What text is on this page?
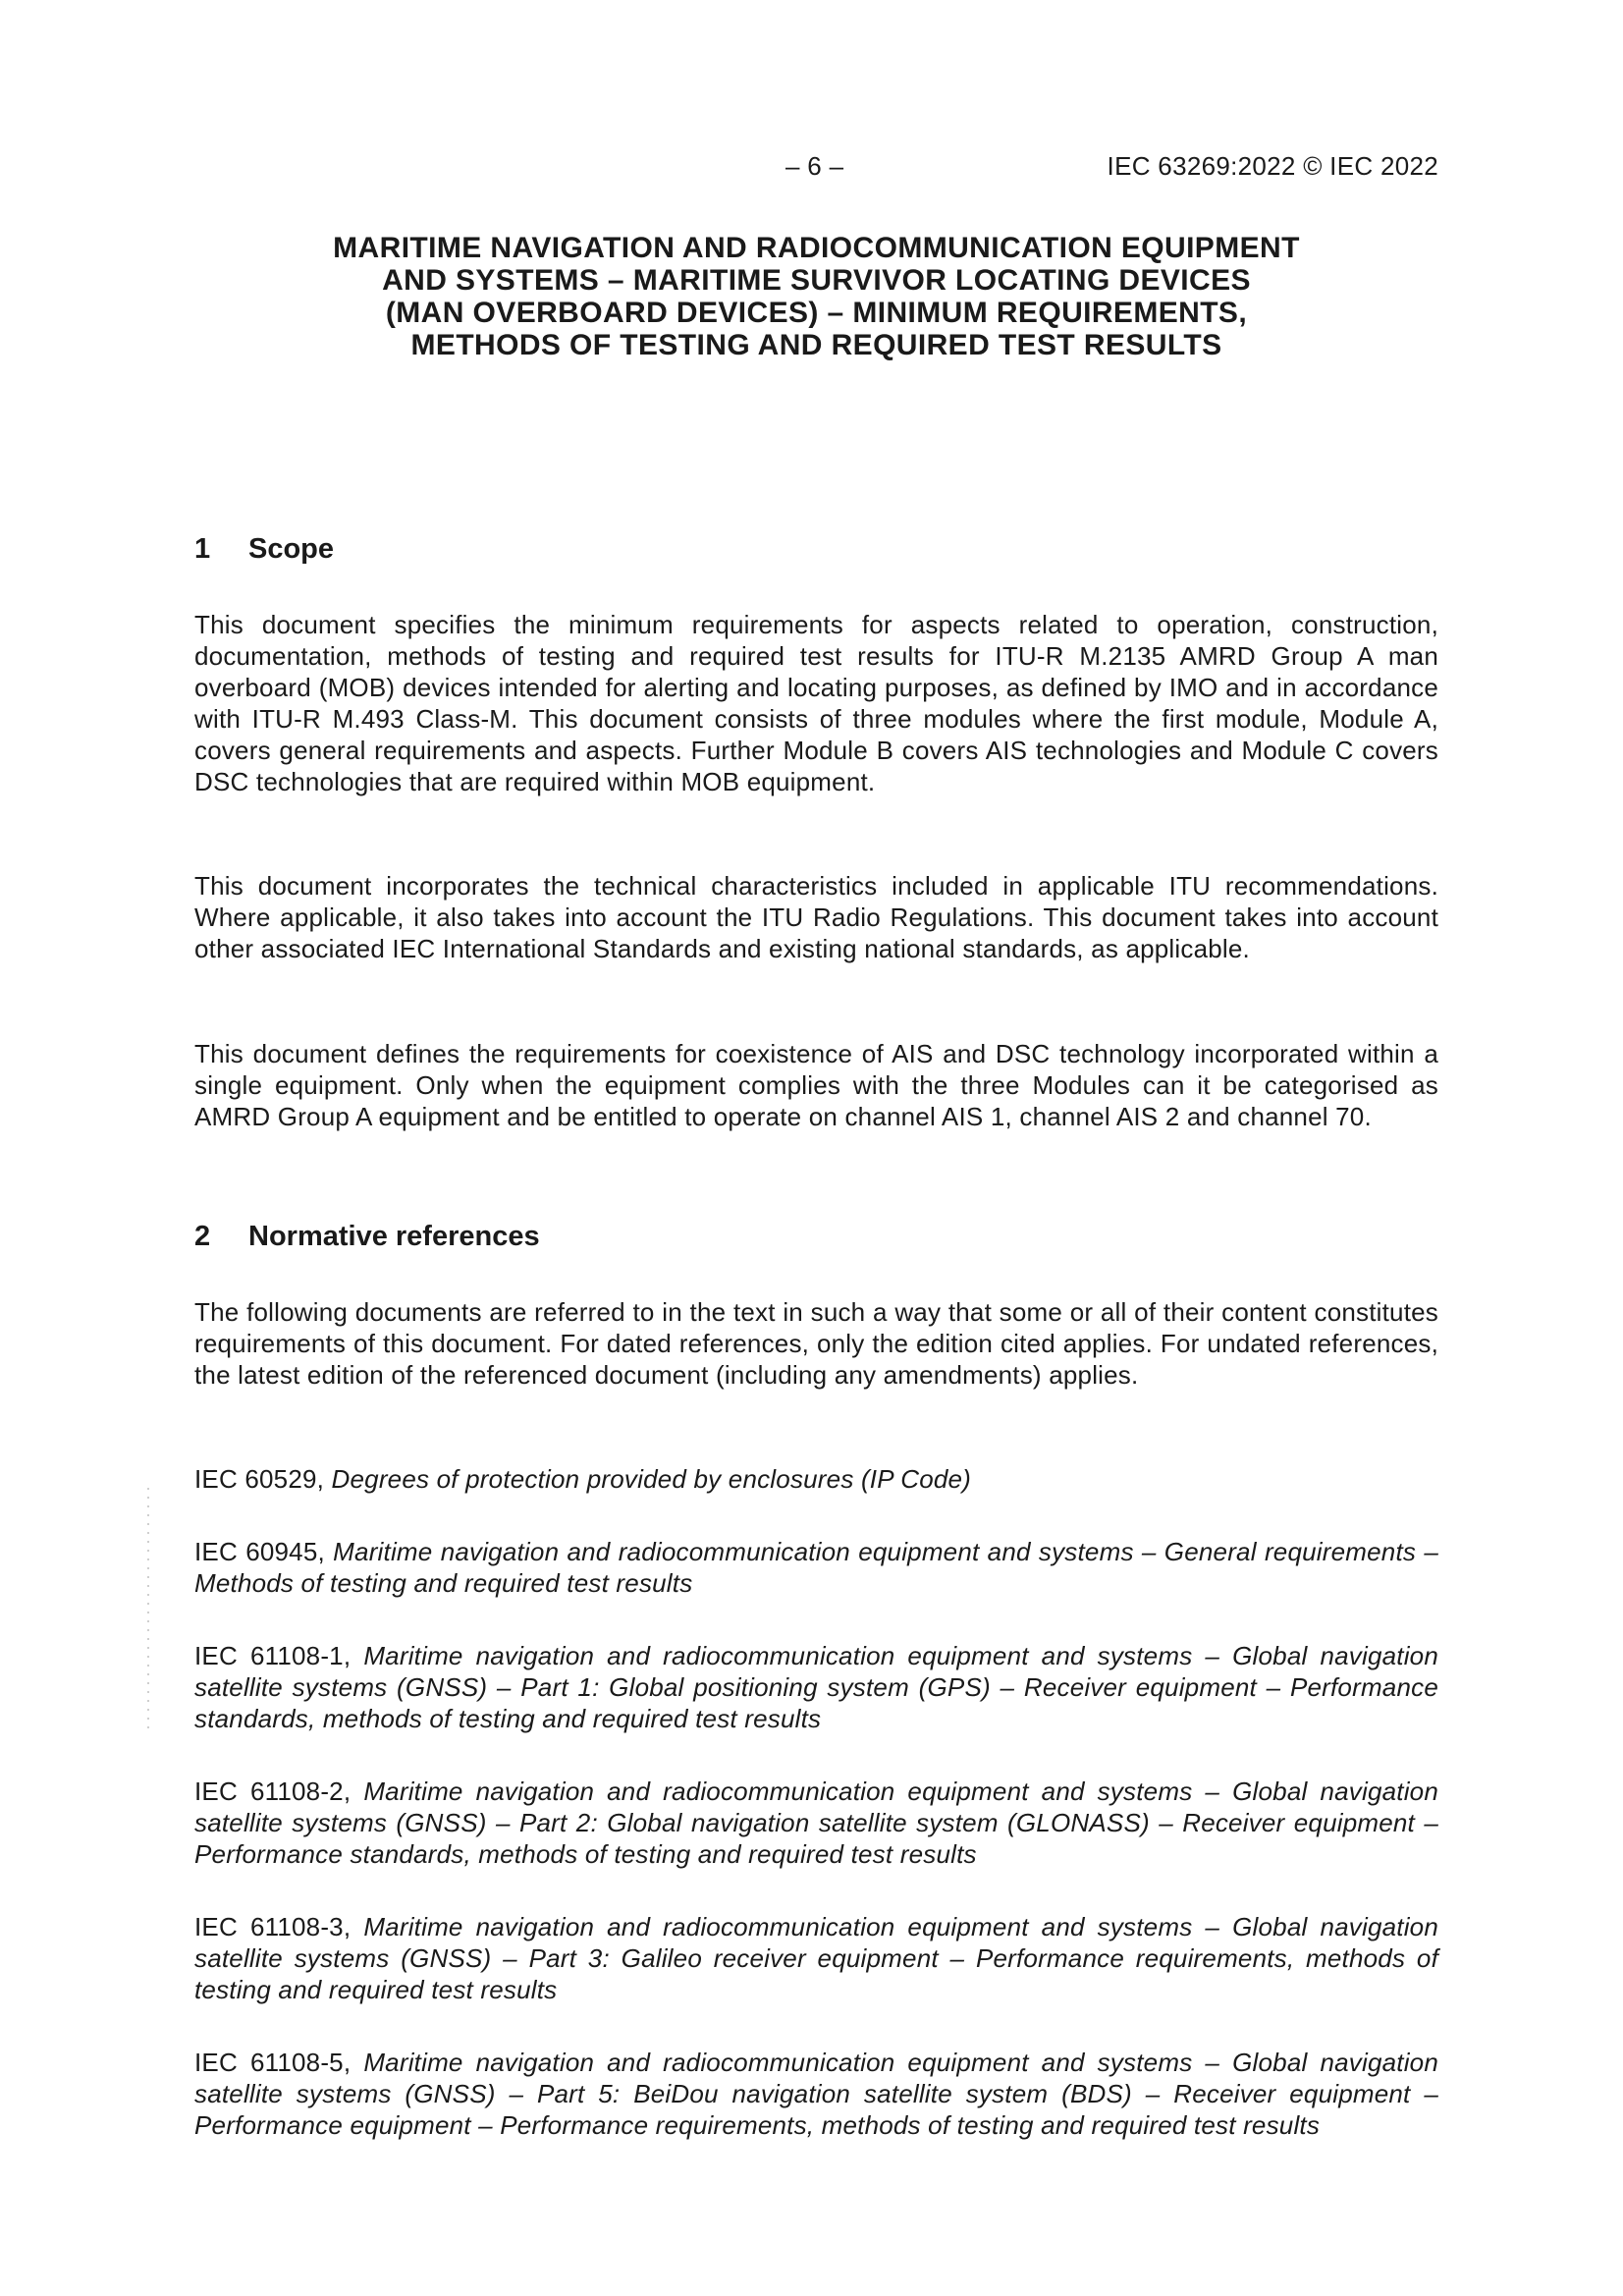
– 6 –	IEC 63269:2022 © IEC 2022
MARITIME NAVIGATION AND RADIOCOMMUNICATION EQUIPMENT
AND SYSTEMS – MARITIME SURVIVOR LOCATING DEVICES
(MAN OVERBOARD DEVICES) – MINIMUM REQUIREMENTS,
METHODS OF TESTING AND REQUIRED TEST RESULTS
1 Scope

This document specifies the minimum requirements for aspects related to operation, construction, documentation, methods of testing and required test results for ITU-R M.2135 AMRD Group A man overboard (MOB) devices intended for alerting and locating purposes, as defined by IMO and in accordance with ITU-R M.493 Class-M. This document consists of three modules where the first module, Module A, covers general requirements and aspects. Further Module B covers AIS technologies and Module C covers DSC technologies that are required within MOB equipment.

This document incorporates the technical characteristics included in applicable ITU recommendations. Where applicable, it also takes into account the ITU Radio Regulations. This document takes into account other associated IEC International Standards and existing national standards, as applicable.

This document defines the requirements for coexistence of AIS and DSC technology incorporated within a single equipment. Only when the equipment complies with the three Modules can it be categorised as AMRD Group A equipment and be entitled to operate on channel AIS 1, channel AIS 2 and channel 70.

2 Normative references

The following documents are referred to in the text in such a way that some or all of their content constitutes requirements of this document. For dated references, only the edition cited applies. For undated references, the latest edition of the referenced document (including any amendments) applies.

IEC 60529, Degrees of protection provided by enclosures (IP Code)

IEC 60945, Maritime navigation and radiocommunication equipment and systems – General requirements – Methods of testing and required test results

IEC 61108-1, Maritime navigation and radiocommunication equipment and systems – Global navigation satellite systems (GNSS) – Part 1: Global positioning system (GPS) – Receiver equipment – Performance standards, methods of testing and required test results

IEC 61108-2, Maritime navigation and radiocommunication equipment and systems – Global navigation satellite systems (GNSS) – Part 2: Global navigation satellite system (GLONASS) – Receiver equipment – Performance standards, methods of testing and required test results

IEC 61108-3, Maritime navigation and radiocommunication equipment and systems – Global navigation satellite systems (GNSS) – Part 3: Galileo receiver equipment – Performance requirements, methods of testing and required test results

IEC 61108-5, Maritime navigation and radiocommunication equipment and systems – Global navigation satellite systems (GNSS) – Part 5: BeiDou navigation satellite system (BDS) – Receiver equipment – Performance equipment – Performance requirements, methods of testing and required test results
